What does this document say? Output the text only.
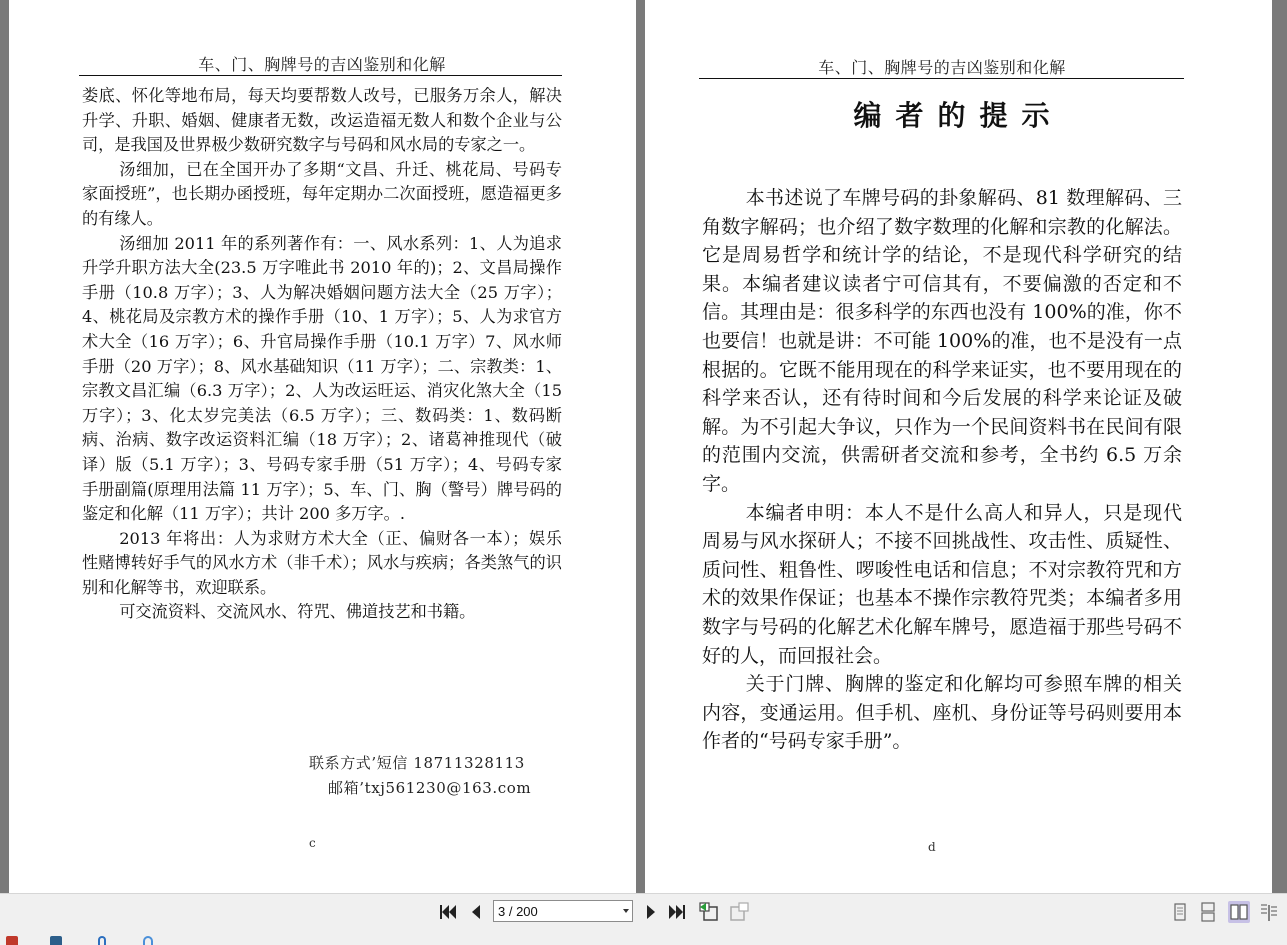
车、门、胸牌号的吉凶鉴别和化解

娄底、怀化等地布局，每天均要帮数人改号，已服务万余人，解决升学、升职、婚姻、健康者无数，改运造福无数人和数个企业与公司，是我国及世界极少数研究数字与号码和风水局的专家之一。

汤细加，已在全国开办了多期“文昌、升迁、桃花局、号码专家面授班”，也长期办函授班，每年定期办二次面授班，愿造福更多的有缘人。

汤细加 2011 年的系列著作有：一、风水系列：1、人为追求升学升职方法大全(23.5 万字唯此书 2010 年的)；2、文昌局操作手册（10.8 万字）；3、人为解决婚姻问题方法大全（25 万字）；4、桃花局及宗教方术的操作手册（10、1 万字）；5、人为求官方术大全（16 万字）；6、升官局操作手册（10.1 万字）7、风水师手册（20 万字）；8、风水基础知识（11 万字）；二、宗教类：1、宗教文昌汇编（6.3 万字）；2、人为改运旺运、消灾化煞大全（15 万字）；3、化太岁完美法（6.5 万字）；三、数码类：1、数码断病、治病、数字改运资料汇编（18 万字）；2、诸葛神推现代（破译）版（5.1 万字）；3、号码专家手册（51 万字）；4、号码专家手册副篇(原理用法篇 11 万字）；5、车、门、胸（警号）牌号码的鉴定和化解（11 万字）；共计 200 多万字。.

2013 年将出：人为求财方术大全（正、偏财各一本）；娱乐性赌博转好手气的风水方术（非千术）；风水与疾病；各类煞气的识别和化解等书，欢迎联系。

可交流资料、交流风水、符咒、佛道技艺和书籍。

联系方式’短信 18711328113
邮箱’txj561230@163.com
c
车、门、胸牌号的吉凶鉴别和化解
编者的提示

本书述说了车牌号码的卦象解码、81 数理解码、三角数字解码；也介绍了数字数理的化解和宗教的化解法。它是周易哲学和统计学的结论，不是现代科学研究的结果。本编者建议读者宁可信其有，不要偏激的否定和不信。其理由是：很多科学的东西也没有 100%的准，你不也要信！也就是讲：不可能 100%的准，也不是没有一点根据的。它既不能用现在的科学来证实，也不要用现在的科学来否认，还有待时间和今后发展的科学来论证及破解。为不引起大争议，只作为一个民间资料书在民间有限的范围内交流，供需研者交流和参考，全书约 6.5 万余字。

本编者申明：本人不是什么高人和异人，只是现代周易与风水探研人；不接不回挑战性、攻击性、质疑性、质问性、粗鲁性、啰唆性电话和信息；不对宗教符咒和方术的效果作保证；也基本不操作宗教符咒类；本编者多用数字与号码的化解艺术化解车牌号，愿造福于那些号码不好的人，而回报社会。

关于门牌、胸牌的鉴定和化解均可参照车牌的相关内容，变通运用。但手机、座机、身份证等号码则要用本作者的“号码专家手册”。

d
3 / 200
